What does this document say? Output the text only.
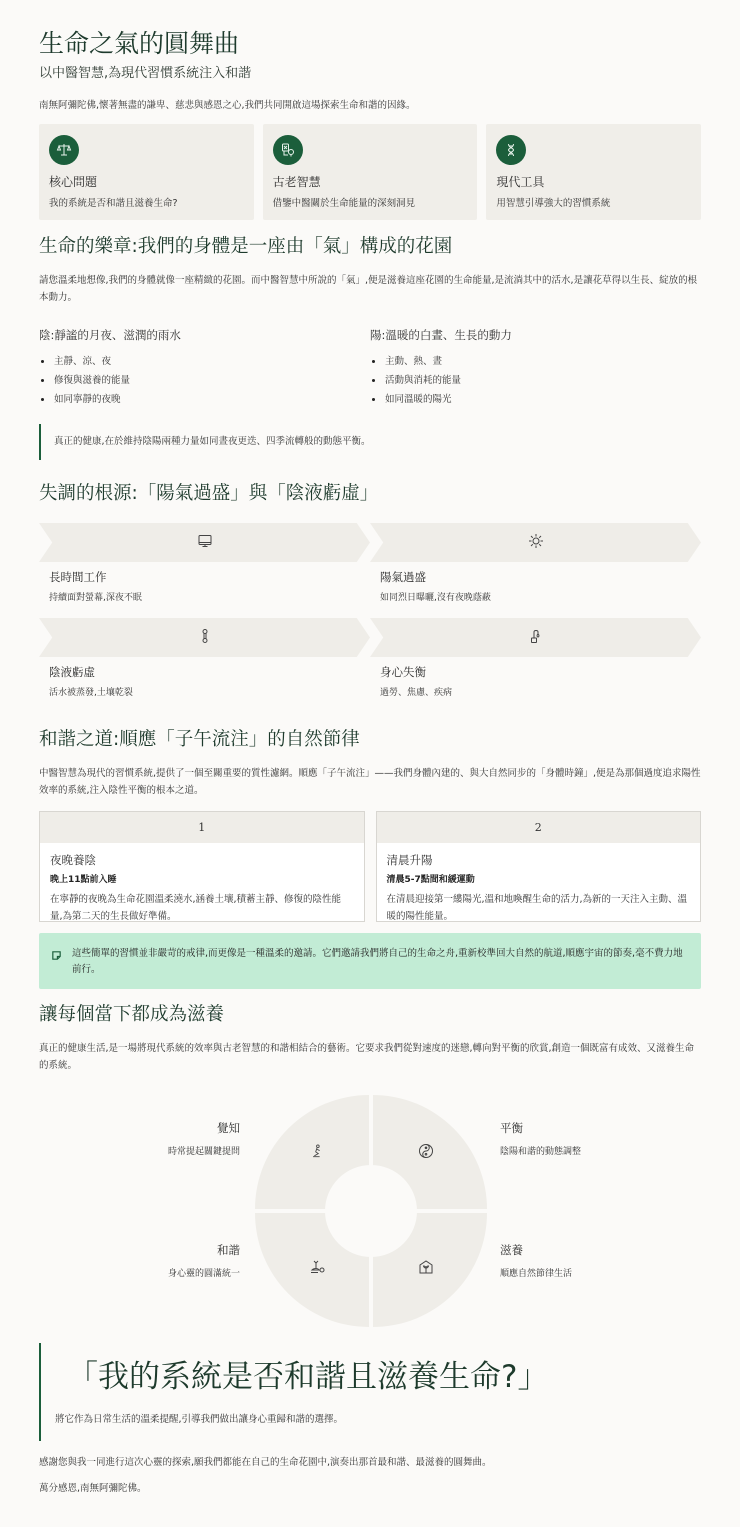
生命之氣的圓舞曲
以中醫智慧,為現代習慣系統注入和諧

南無阿彌陀佛,懷著無盡的謙卑、慈悲與感恩之心,我們共同開啟這場探索生命和諧的因緣。

核心問題
我的系統是否和諧且滋養生命?
古老智慧
借鑒中醫關於生命能量的深刻洞見
現代工具
用智慧引導強大的習慣系統
生命的樂章:我們的身體是一座由「氣」構成的花園

請您溫柔地想像,我們的身體就像一座精緻的花園。而中醫智慧中所說的「氣」,便是滋養這座花園的生命能量,是流淌其中的活水,是讓花草得以生長、綻放的根本動力。

陰:靜謐的月夜、滋潤的雨水
主靜、涼、夜
修復與滋養的能量
如同寧靜的夜晚
陽:溫暖的白晝、生長的動力
主動、熱、晝
活動與消耗的能量
如同溫暖的陽光
真正的健康,在於維持陰陽兩種力量如同晝夜更迭、四季流轉般的動態平衡。
失調的根源:「陽氣過盛」與「陰液虧虛」
長時間工作
持續面對螢幕,深夜不眠
陽氣過盛
如同烈日曝曬,沒有夜晚蔭蔽
陰液虧虛
活水被蒸發,土壤乾裂
身心失衡
過勞、焦慮、疾病
和諧之道:順應「子午流注」的自然節律

中醫智慧為現代的習慣系統,提供了一個至關重要的質性濾網。順應「子午流注」——我們身體內建的、與大自然同步的「身體時鐘」,便是為那個過度追求陽性效率的系統,注入陰性平衡的根本之道。

1
夜晚養陰
晚上11點前入睡
在寧靜的夜晚為生命花園溫柔澆水,涵養土壤,積蓄主靜、修復的陰性能量,為第二天的生長做好準備。
2
清晨升陽
清晨5-7點間和緩運動
在清晨迎接第一縷陽光,溫和地喚醒生命的活力,為新的一天注入主動、溫暖的陽性能量。
這些簡單的習慣並非嚴苛的戒律,而更像是一種溫柔的邀請。它們邀請我們將自己的生命之舟,重新校準回大自然的航道,順應宇宙的節奏,毫不費力地前行。
讓每個當下都成為滋養

真正的健康生活,是一場將現代系統的效率與古老智慧的和諧相結合的藝術。它要求我們從對速度的迷戀,轉向對平衡的欣賞,創造一個既富有成效、又滋養生命的系統。

覺知
時常提起關鍵提問
平衡
陰陽和諧的動態調整
和諧
身心靈的圓滿統一
滋養
順應自然節律生活
「我的系統是否和諧且滋養生命?」
將它作為日常生活的溫柔提醒,引導我們做出讓身心重歸和諧的選擇。

感謝您與我一同進行這次心靈的探索,願我們都能在自己的生命花園中,演奏出那首最和諧、最滋養的圓舞曲。

萬分感恩,南無阿彌陀佛。
